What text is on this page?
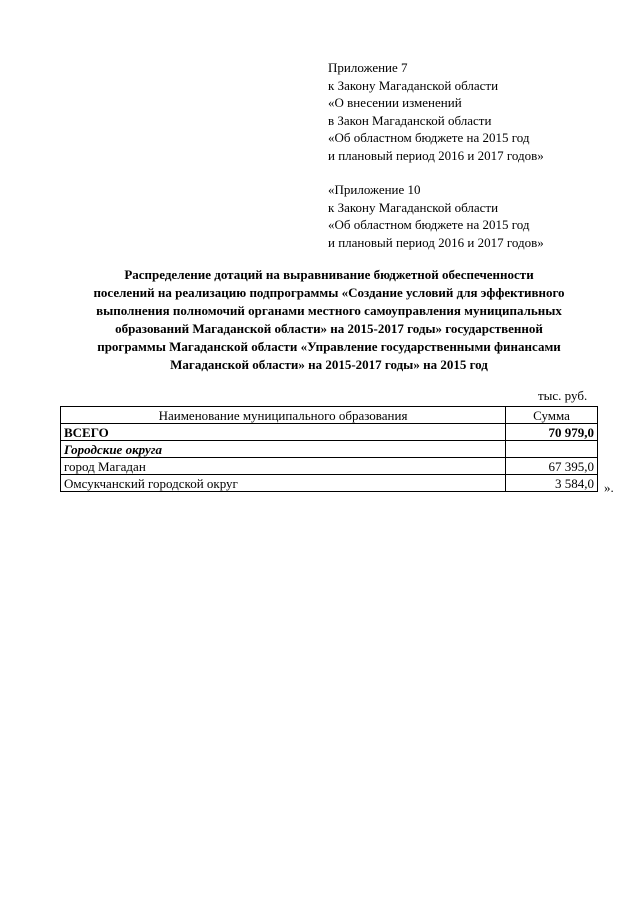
Приложение 7
к Закону Магаданской области
«О внесении изменений
в Закон Магаданской области
«Об областном бюджете на 2015 год
и плановый период 2016 и 2017 годов»
«Приложение 10
к Закону Магаданской области
«Об областном бюджете на 2015 год
и плановый период 2016 и 2017 годов»
Распределение дотаций на выравнивание бюджетной обеспеченности
поселений на реализацию подпрограммы «Создание условий для эффективного
выполнения полномочий органами местного самоуправления муниципальных
образований Магаданской области» на 2015-2017 годы» государственной
программы Магаданской области «Управление государственными финансами
Магаданской области» на 2015-2017 годы» на 2015 год
тыс. руб.
Наименование муниципального образования	Сумма
ВСЕГО	70 979,0
Городские округа	
город Магадан	67 395,0
Омсукчанский городской округ	3 584,0 ».
